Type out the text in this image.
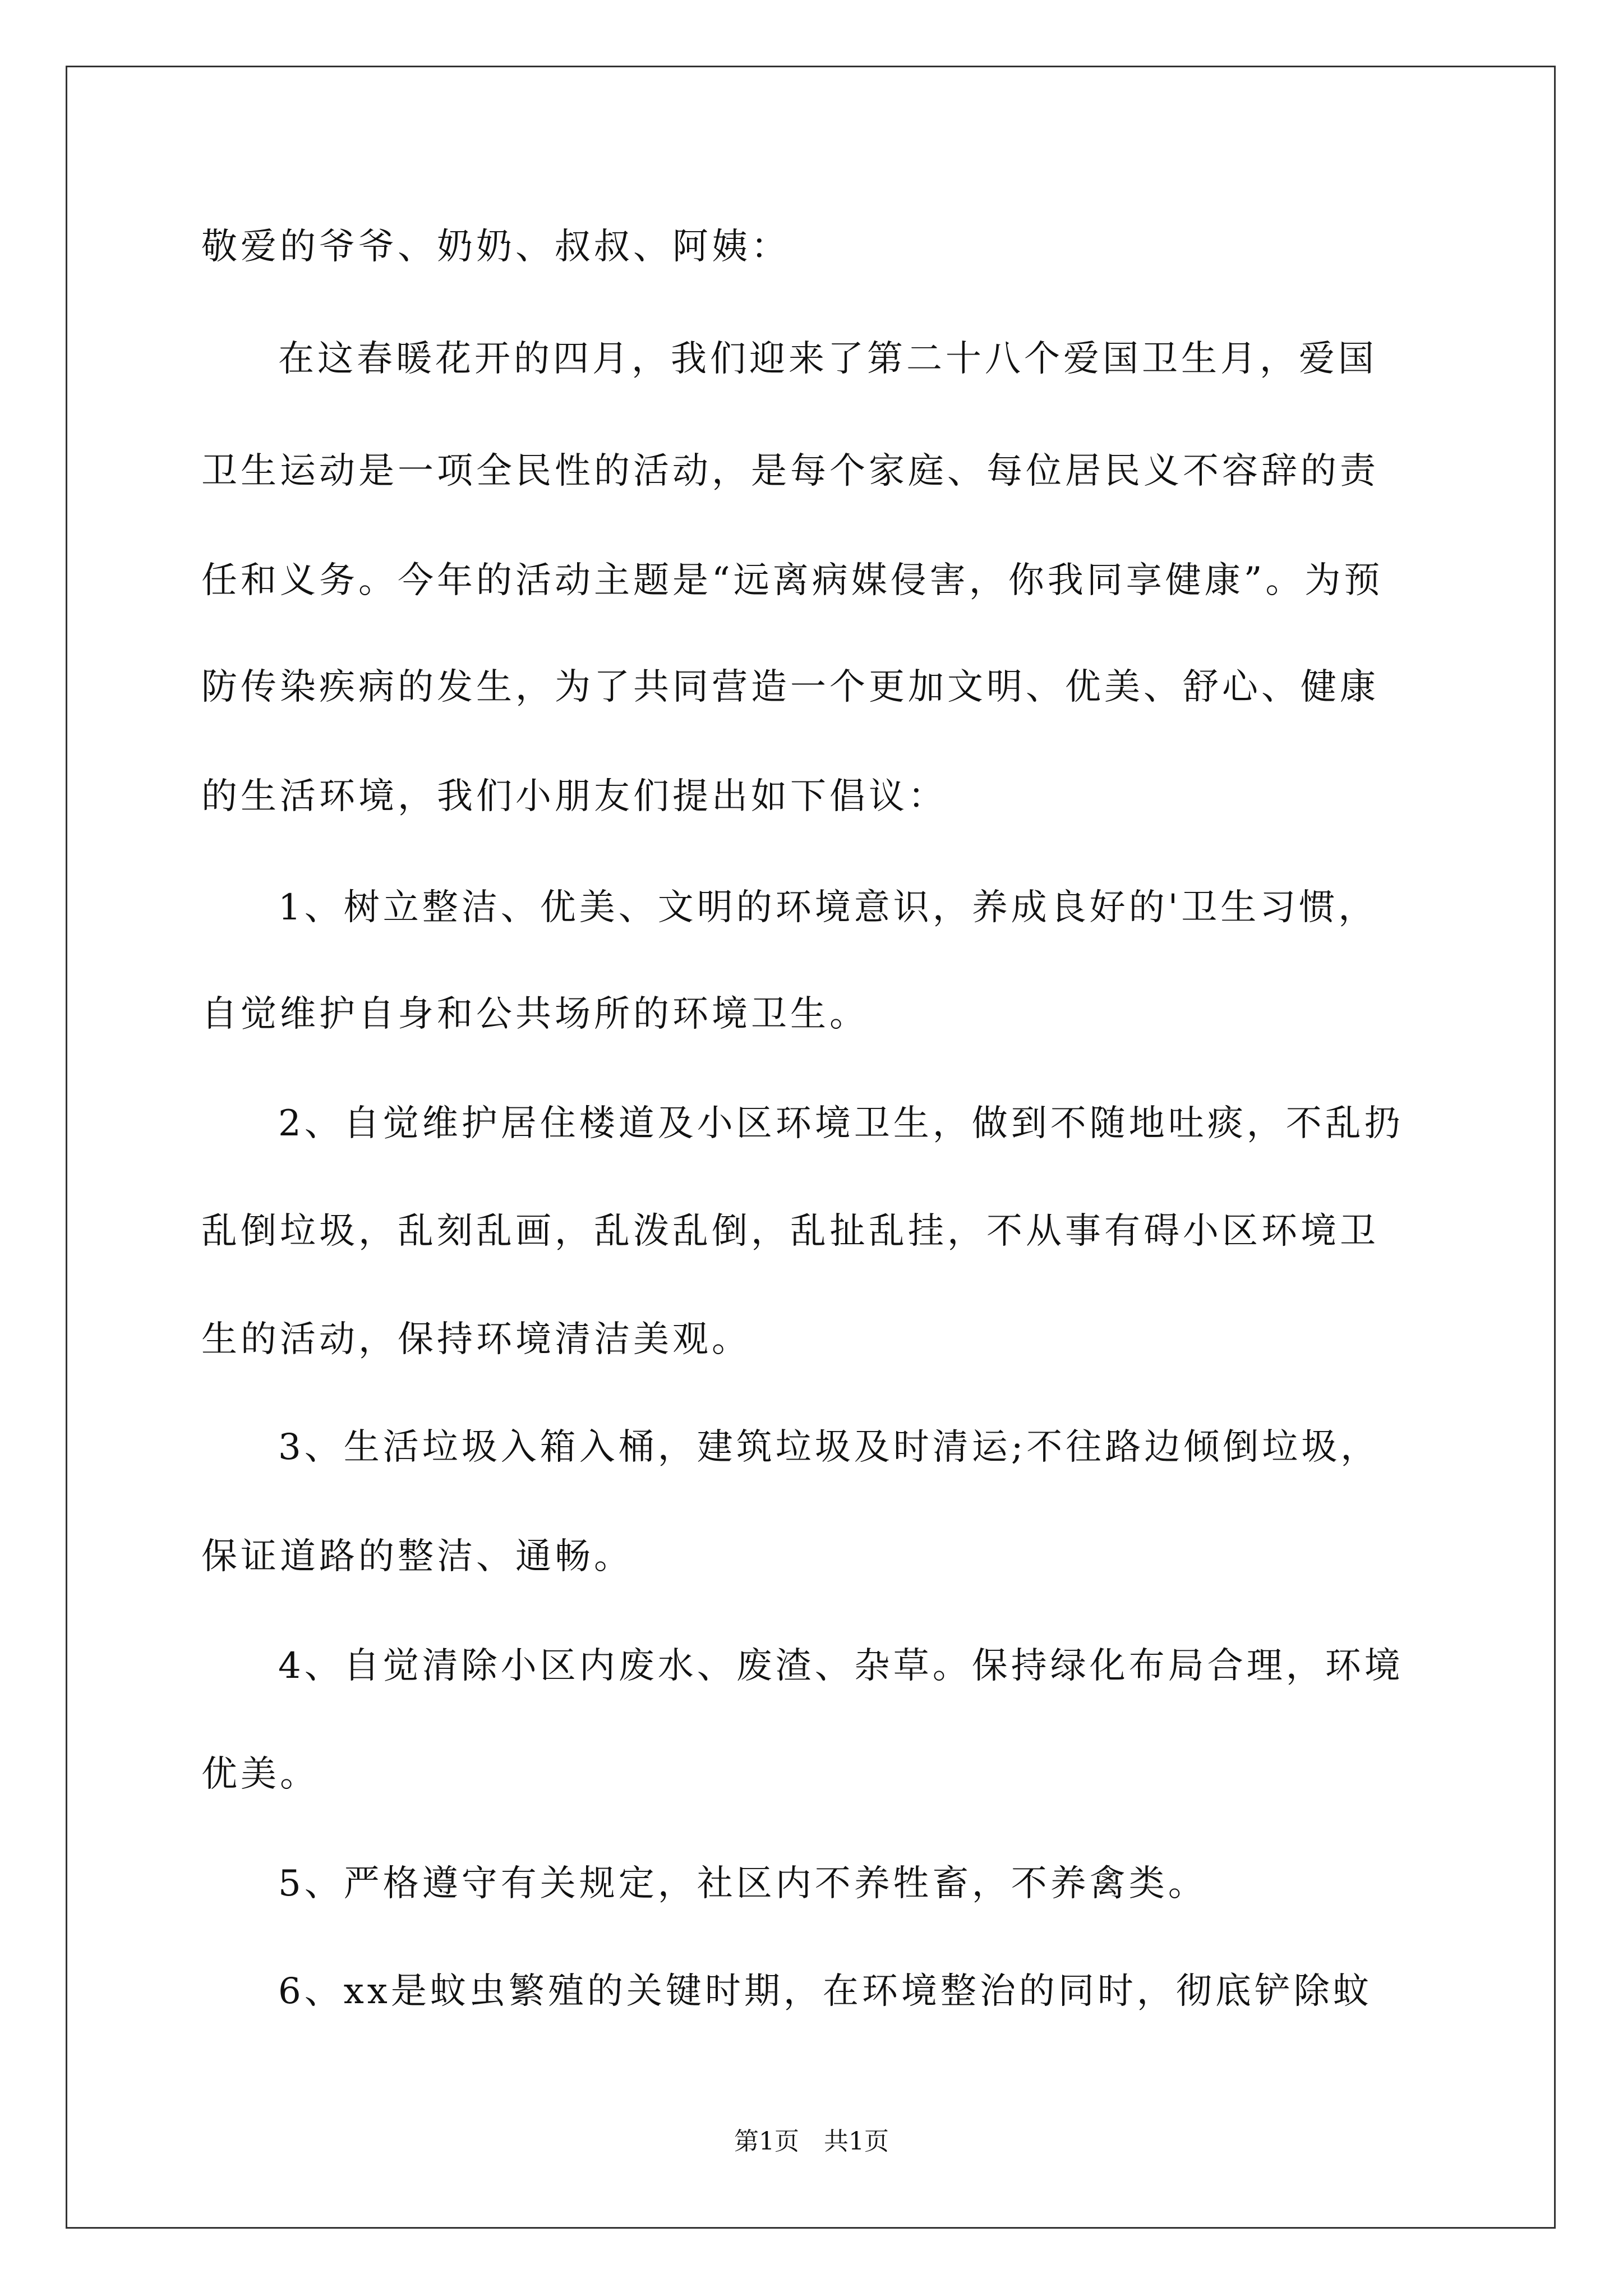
敬爱的爷爷、奶奶、叔叔、阿姨：

在这春暖花开的四月，我们迎来了第二十八个爱国卫生月，爱国

卫生运动是一项全民性的活动，是每个家庭、每位居民义不容辞的责

任和义务。今年的活动主题是“远离病媒侵害，你我同享健康”。为预

防传染疾病的发生，为了共同营造一个更加文明、优美、舒心、健康

的生活环境，我们小朋友们提出如下倡议：

1、树立整洁、优美、文明的环境意识，养成良好的'卫生习惯，

自觉维护自身和公共场所的环境卫生。

2、自觉维护居住楼道及小区环境卫生，做到不随地吐痰，不乱扔

乱倒垃圾，乱刻乱画，乱泼乱倒，乱扯乱挂，不从事有碍小区环境卫

生的活动，保持环境清洁美观。

3、生活垃圾入箱入桶，建筑垃圾及时清运;不往路边倾倒垃圾，

保证道路的整洁、通畅。

4、自觉清除小区内废水、废渣、杂草。保持绿化布局合理，环境

优美。

5、严格遵守有关规定，社区内不养牲畜，不养禽类。

6、xx是蚊虫繁殖的关键时期，在环境整治的同时，彻底铲除蚊

第1页　共1页
